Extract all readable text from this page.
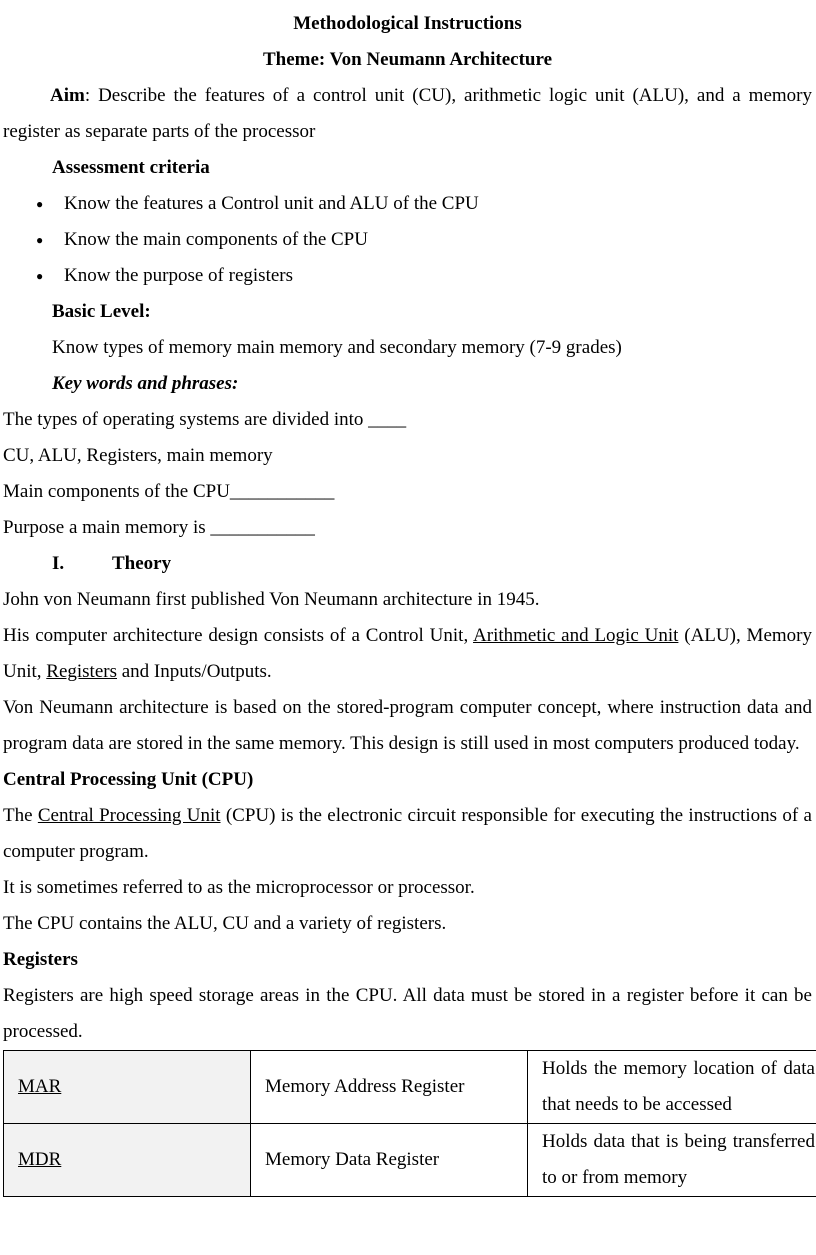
Methodological Instructions

Theme: Von Neumann Architecture

Aim: Describe the features of a control unit (CU), arithmetic logic unit (ALU), and a memory register as separate parts of the processor

Assessment criteria

● Know the features a Control unit and ALU of the CPU

● Know the main components of the CPU

● Know the purpose of registers

Basic Level:

Know types of memory main memory and secondary memory (7-9 grades)

Key words and phrases:

The types of operating systems are divided into ____

CU, ALU, Registers, main memory

Main components of the CPU___________

Purpose a main memory is ___________

I.	Theory

John von Neumann first published Von Neumann architecture in 1945.

His computer architecture design consists of a Control Unit, Arithmetic and Logic Unit (ALU), Memory Unit, Registers and Inputs/Outputs.

Von Neumann architecture is based on the stored-program computer concept, where instruction data and program data are stored in the same memory. This design is still used in most computers produced today.

Central Processing Unit (CPU)

The Central Processing Unit (CPU) is the electronic circuit responsible for executing the instructions of a computer program.

It is sometimes referred to as the microprocessor or processor.

The CPU contains the ALU, CU and a variety of registers.

Registers

Registers are high speed storage areas in the CPU. All data must be stored in a register before it can be processed.

MAR	Memory Address Register	Holds the memory location of data that needs to be accessed
MDR	Memory Data Register	Holds data that is being transferred to or from memory
